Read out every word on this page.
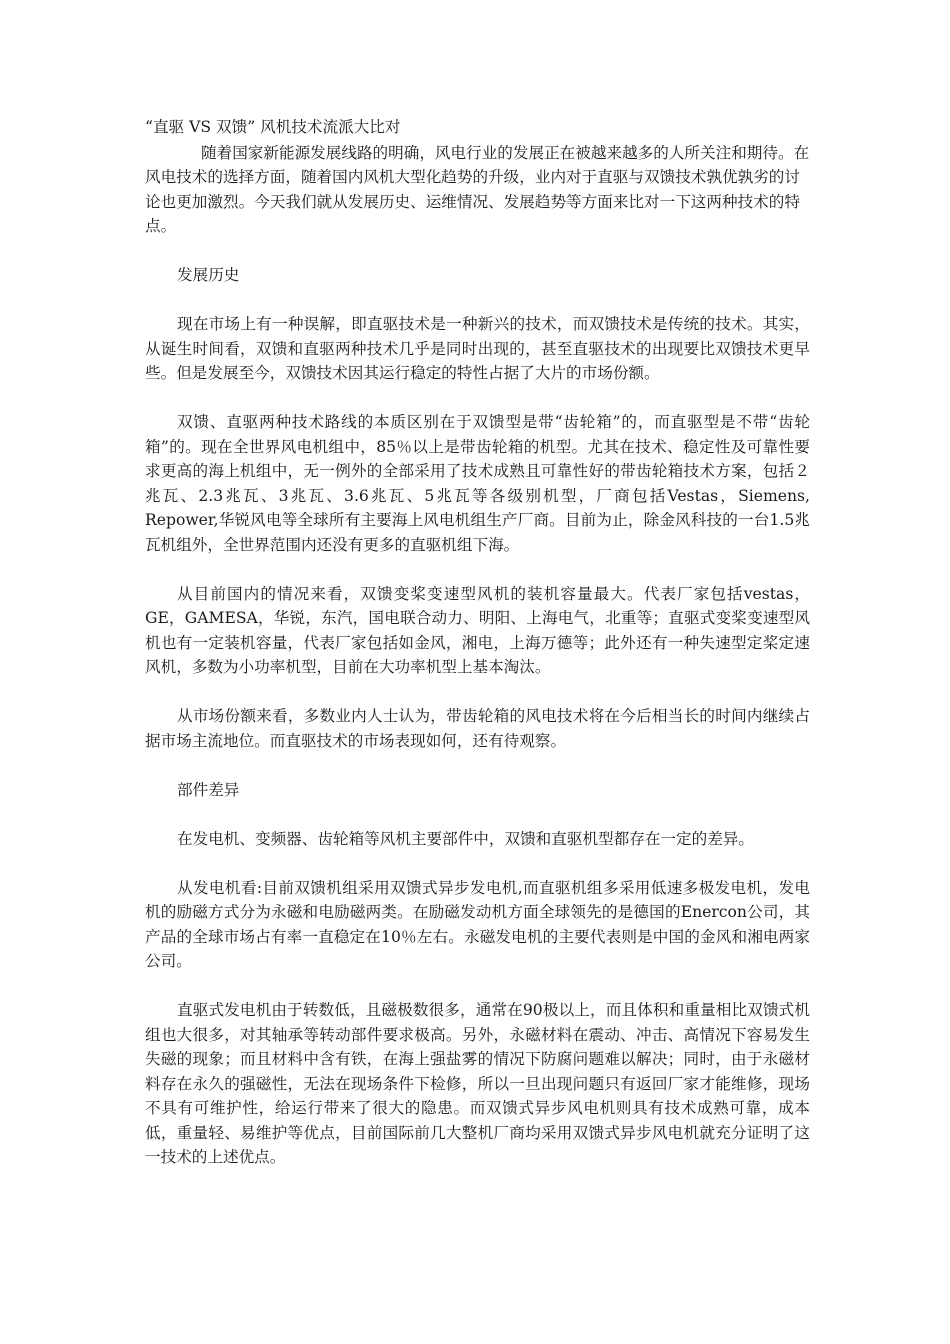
“直驱 VS 双馈” 风机技术流派大比对
随着国家新能源发展线路的明确，风电行业的发展正在被越来越多的人所关注和期待。在风电技术的选择方面，随着国内风机大型化趋势的升级，业内对于直驱与双馈技术孰优孰劣的讨论也更加激烈。今天我们就从发展历史、运维情况、发展趋势等方面来比对一下这两种技术的特点。
发展历史

现在市场上有一种误解，即直驱技术是一种新兴的技术，而双馈技术是传统的技术。其实，从诞生时间看，双馈和直驱两种技术几乎是同时出现的，甚至直驱技术的出现要比双馈技术更早些。但是发展至今，双馈技术因其运行稳定的特性占据了大片的市场份额。

双馈、直驱两种技术路线的本质区别在于双馈型是带“齿轮箱”的，而直驱型是不带“齿轮箱”的。现在全世界风电机组中，85％以上是带齿轮箱的机型。尤其在技术、稳定性及可靠性要求更高的海上机组中，无一例外的全部采用了技术成熟且可靠性好的带齿轮箱技术方案，包括２兆瓦、2.3兆瓦、3兆瓦、3.6兆瓦、5兆瓦等各级别机型，厂商包括Vestas，Siemens, Repower,华锐风电等全球所有主要海上风电机组生产厂商。目前为止，除金风科技的一台1.5兆瓦机组外，全世界范围内还没有更多的直驱机组下海。

从目前国内的情况来看，双馈变桨变速型风机的装机容量最大。代表厂家包括vestas，GE，GAMESA，华锐，东汽，国电联合动力、明阳、上海电气，北重等；直驱式变桨变速型风机也有一定装机容量，代表厂家包括如金风，湘电，上海万德等；此外还有一种失速型定桨定速风机，多数为小功率机型，目前在大功率机型上基本淘汰。

从市场份额来看，多数业内人士认为，带齿轮箱的风电技术将在今后相当长的时间内继续占据市场主流地位。而直驱技术的市场表现如何，还有待观察。

部件差异

在发电机、变频器、齿轮箱等风机主要部件中，双馈和直驱机型都存在一定的差异。

从发电机看:目前双馈机组采用双馈式异步发电机,而直驱机组多采用低速多极发电机，发电机的励磁方式分为永磁和电励磁两类。在励磁发动机方面全球领先的是德国的Enercon公司，其产品的全球市场占有率一直稳定在10％左右。永磁发电机的主要代表则是中国的金风和湘电两家公司。

直驱式发电机由于转数低，且磁极数很多，通常在90极以上，而且体积和重量相比双馈式机组也大很多，对其轴承等转动部件要求极高。另外，永磁材料在震动、冲击、高情况下容易发生失磁的现象；而且材料中含有铁，在海上强盐雾的情况下防腐问题难以解决；同时，由于永磁材料存在永久的强磁性，无法在现场条件下检修，所以一旦出现问题只有返回厂家才能维修，现场不具有可维护性，给运行带来了很大的隐患。而双馈式异步风电机则具有技术成熟可靠，成本低，重量轻、易维护等优点，目前国际前几大整机厂商均采用双馈式异步风电机就充分证明了这一技术的上述优点。
